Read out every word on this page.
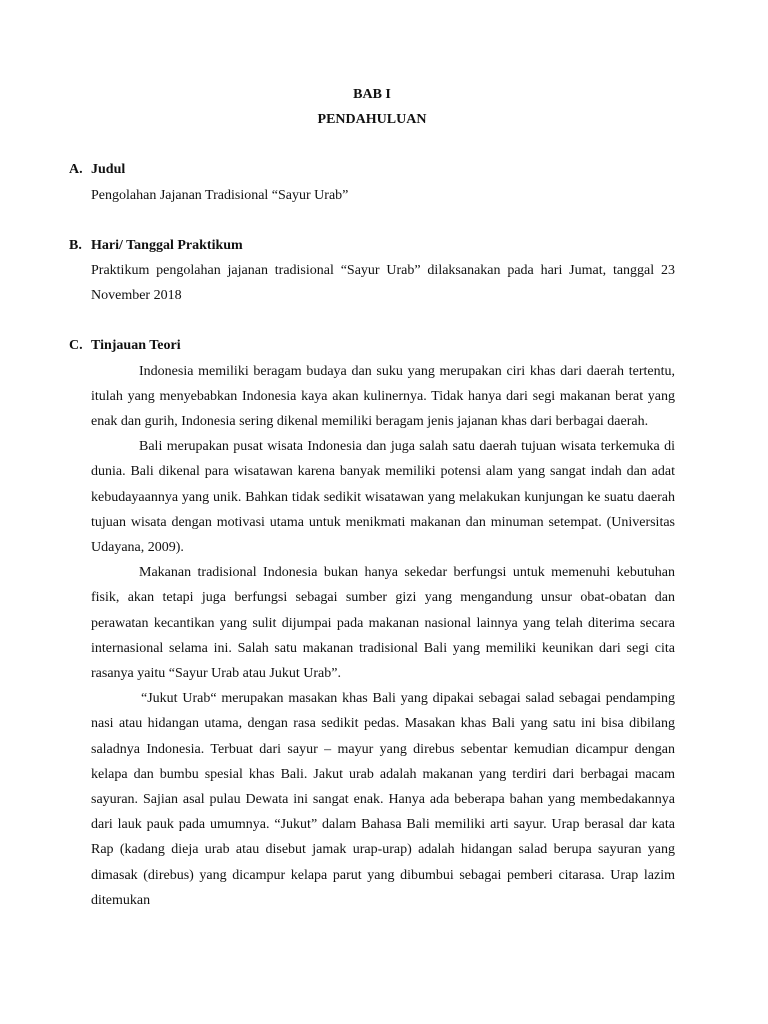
BAB I
PENDAHULUAN
A. Judul
Pengolahan Jajanan Tradisional “Sayur Urab”
B. Hari/ Tanggal Praktikum
Praktikum pengolahan jajanan tradisional “Sayur Urab” dilaksanakan pada hari Jumat, tanggal 23 November 2018
C. Tinjauan Teori
Indonesia memiliki beragam budaya dan suku yang merupakan ciri khas dari daerah tertentu, itulah yang menyebabkan Indonesia kaya akan kulinernya. Tidak hanya dari segi makanan berat yang enak dan gurih, Indonesia sering dikenal memiliki beragam jenis jajanan khas dari berbagai daerah.
Bali merupakan pusat wisata Indonesia dan juga salah satu daerah tujuan wisata terkemuka di dunia. Bali dikenal para wisatawan karena banyak memiliki potensi alam yang sangat indah dan adat kebudayaannya yang unik. Bahkan tidak sedikit wisatawan yang melakukan kunjungan ke suatu daerah tujuan wisata dengan motivasi utama untuk menikmati makanan dan minuman setempat. (Universitas Udayana, 2009).
Makanan tradisional Indonesia bukan hanya sekedar berfungsi untuk memenuhi kebutuhan fisik, akan tetapi juga berfungsi sebagai sumber gizi yang mengandung unsur obat-obatan dan perawatan kecantikan yang sulit dijumpai pada makanan nasional lainnya yang telah diterima secara internasional selama ini. Salah satu makanan tradisional Bali yang memiliki keunikan dari segi cita rasanya yaitu “Sayur Urab atau Jukut Urab”.
“Jukut Urab“ merupakan masakan khas Bali yang dipakai sebagai salad sebagai pendamping nasi atau hidangan utama, dengan rasa sedikit pedas. Masakan khas Bali yang satu ini bisa dibilang saladnya Indonesia. Terbuat dari sayur – mayur yang direbus sebentar kemudian dicampur dengan kelapa dan bumbu spesial khas Bali. Jakut urab adalah makanan yang terdiri dari berbagai macam sayuran. Sajian asal pulau Dewata ini sangat enak. Hanya ada beberapa bahan yang membedakannya dari lauk pauk pada umumnya. “Jukut” dalam Bahasa Bali memiliki arti sayur. Urap berasal dar kata Rap (kadang dieja urab atau disebut jamak urap-urap) adalah hidangan salad berupa sayuran yang dimasak (direbus) yang dicampur kelapa parut yang dibumbui sebagai pemberi citarasa. Urap lazim ditemukan
